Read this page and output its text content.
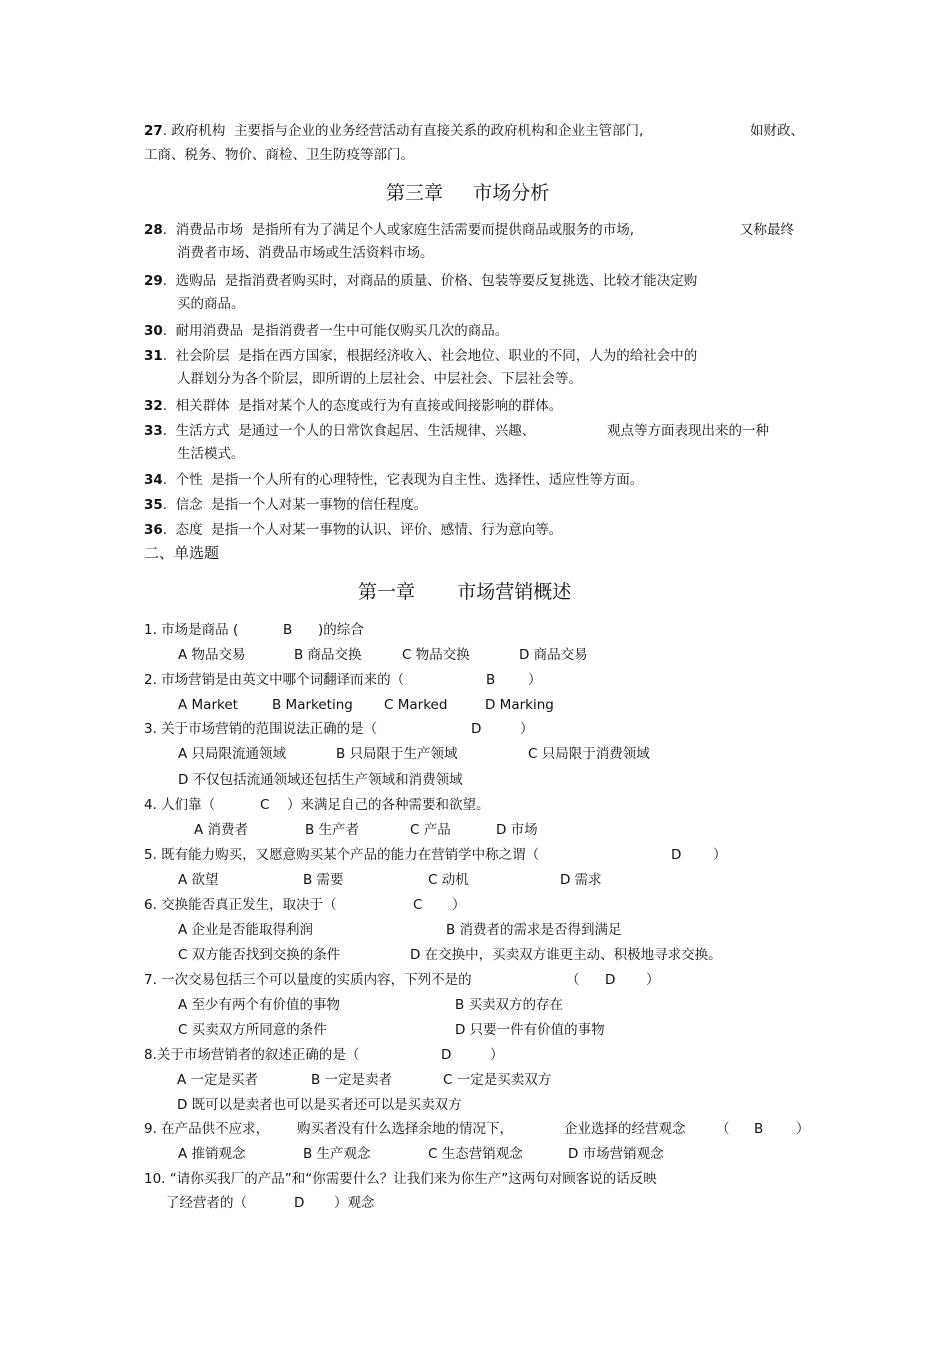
27. 政府机构 主要指与企业的业务经营活动有直接关系的政府机构和企业主管部门,	如财政、
工商、税务、物价、商检、卫生防疫等部门。
第三章 市场分析
28.  消费品市场 是指所有为了满足个人或家庭生活需要而提供商品或服务的市场,	又称最终
消费者市场、消费品市场或生活资料市场。
29.  选购品 是指消费者购买时，对商品的质量、价格、包装等要反复挑选、比较才能决定购
买的商品。
30.  耐用消费品 是指消费者一生中可能仅购买几次的商品。
31.  社会阶层 是指在西方国家，根据经济收入、社会地位、职业的不同，人为的给社会中的
人群划分为各个阶层，即所谓的上层社会、中层社会、下层社会等。
32.  相关群体 是指对某个人的态度或行为有直接或间接影响的群体。
33.  生活方式 是通过一个人的日常饮食起居、生活规律、兴趣、	观点等方面表现出来的一种
生活模式。
34.  个性 是指一个人所有的心理特性，它表现为自主性、选择性、适应性等方面。
35.  信念 是指一个人对某一事物的信任程度。
36.  态度 是指一个人对某一事物的认识、评价、感情、行为意向等。
二、单选题
第一章 市场营销概述
1. 市场是商品 (	B )的综合
A 物品交易	B 商品交换	C 物品交换	D 商品交易
2. 市场营销是由英文中哪个词翻译而来的（	B ）
A Market	B Marketing C Marked	D Marking
3. 关于市场营销的范围说法正确的是（	D	）
A 只局限流通领域	B 只局限于生产领域	C 只局限于消费领域
D 不仅包括流通领域还包括生产领域和消费领域
4. 人们靠（	C ）来满足自己的各种需要和欲望。
A 消费者	B 生产者	C 产品	D 市场
5. 既有能力购买，又愿意购买某个产品的能力在营销学中称之谓（	D ）
A 欲望	B 需要	C 动机	D 需求
6. 交换能否真正发生，取决于（	C ）
A 企业是否能取得利润	B 消费者的需求是否得到满足
C 双方能否找到交换的条件	D 在交换中，买卖双方谁更主动、积极地寻求交换。
7. 一次交易包括三个可以量度的实质内容，下列不是的	（ D ）
A 至少有两个有价值的事物	B 买卖双方的存在
C 买卖双方所同意的条件	D 只要一件有价值的事物
8.关于市场营销者的叙述正确的是（	D	）
A 一定是买者	B 一定是卖者	C 一定是买卖双方
D 既可以是卖者也可以是买者还可以是买卖双方
9. 在产品供不应求， 购买者没有什么选择余地的情况下，	企业选择的经营观念 （ B ）
A 推销观念	B 生产观念	C 生态营销观念	D 市场营销观念
10. “请你买我厂的产品”和“你需要什么？让我们来为你生产”这两句对顾客说的话反映
了经营者的（	D ）观念
